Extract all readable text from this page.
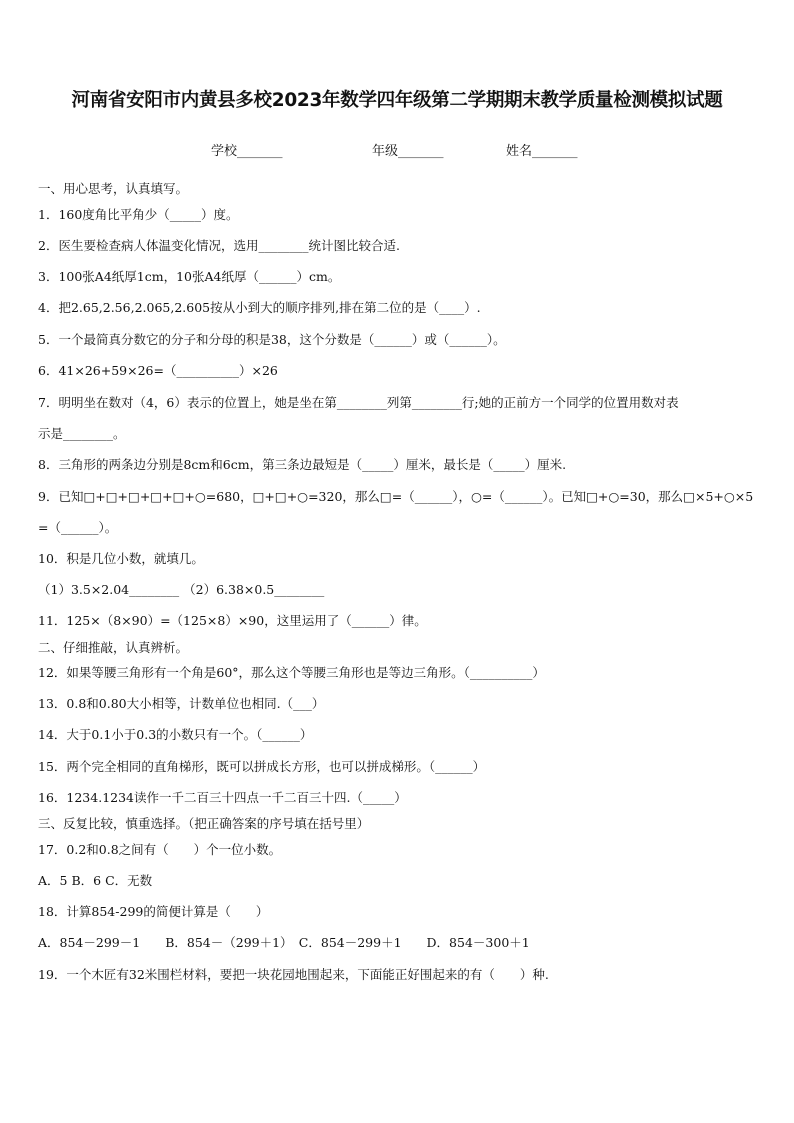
河南省安阳市内黄县多校2023年数学四年级第二学期期末教学质量检测模拟试题
学校_______	年级_______	姓名_______
一、用心思考，认真填写。
1．160度角比平角少（_____）度。
2．医生要检查病人体温变化情况，选用________统计图比较合适.
3．100张A4纸厚1cm，10张A4纸厚（______）cm。
4．把2.65,2.56,2.065,2.605按从小到大的顺序排列,排在第二位的是（____）.
5．一个最简真分数它的分子和分母的积是38，这个分数是（______）或（______）。
6．41×26+59×26=（__________）×26
7．明明坐在数对（4，6）表示的位置上，她是坐在第________列第________行;她的正前方一个同学的位置用数对表
示是________。
8．三角形的两条边分别是8cm和6cm，第三条边最短是（_____）厘米，最长是（_____）厘米.
9．已知□+□+□+□+□+○=680，□+□+○=320，那么□=（______），○=（______）。已知□+○=30，那么□×5+○×5
=（______）。
10．积是几位小数，就填几。
（1）3.5×2.04________ （2）6.38×0.5________
11．125×（8×90）=（125×8）×90，这里运用了（______）律。
二、仔细推敲，认真辨析。
12．如果等腰三角形有一个角是60°，那么这个等腰三角形也是等边三角形。（__________）
13．0.8和0.80大小相等，计数单位也相同.（___）
14．大于0.1小于0.3的小数只有一个。（______）
15．两个完全相同的直角梯形，既可以拼成长方形，也可以拼成梯形。（______）
16．1234.1234读作一千二百三十四点一千二百三十四.（_____）
三、反复比较，慎重选择。（把正确答案的序号填在括号里）
17．0.2和0.8之间有（　　）个一位小数。
A．5 B．6 C．无数
18．计算854-299的简便计算是（　　）
A．854－299－1　　B．854－（299＋1）　C．854－299＋1　　D．854－300＋1
19．一个木匠有32米围栏材料，要把一块花园地围起来，下面能正好围起来的有（　　）种.
